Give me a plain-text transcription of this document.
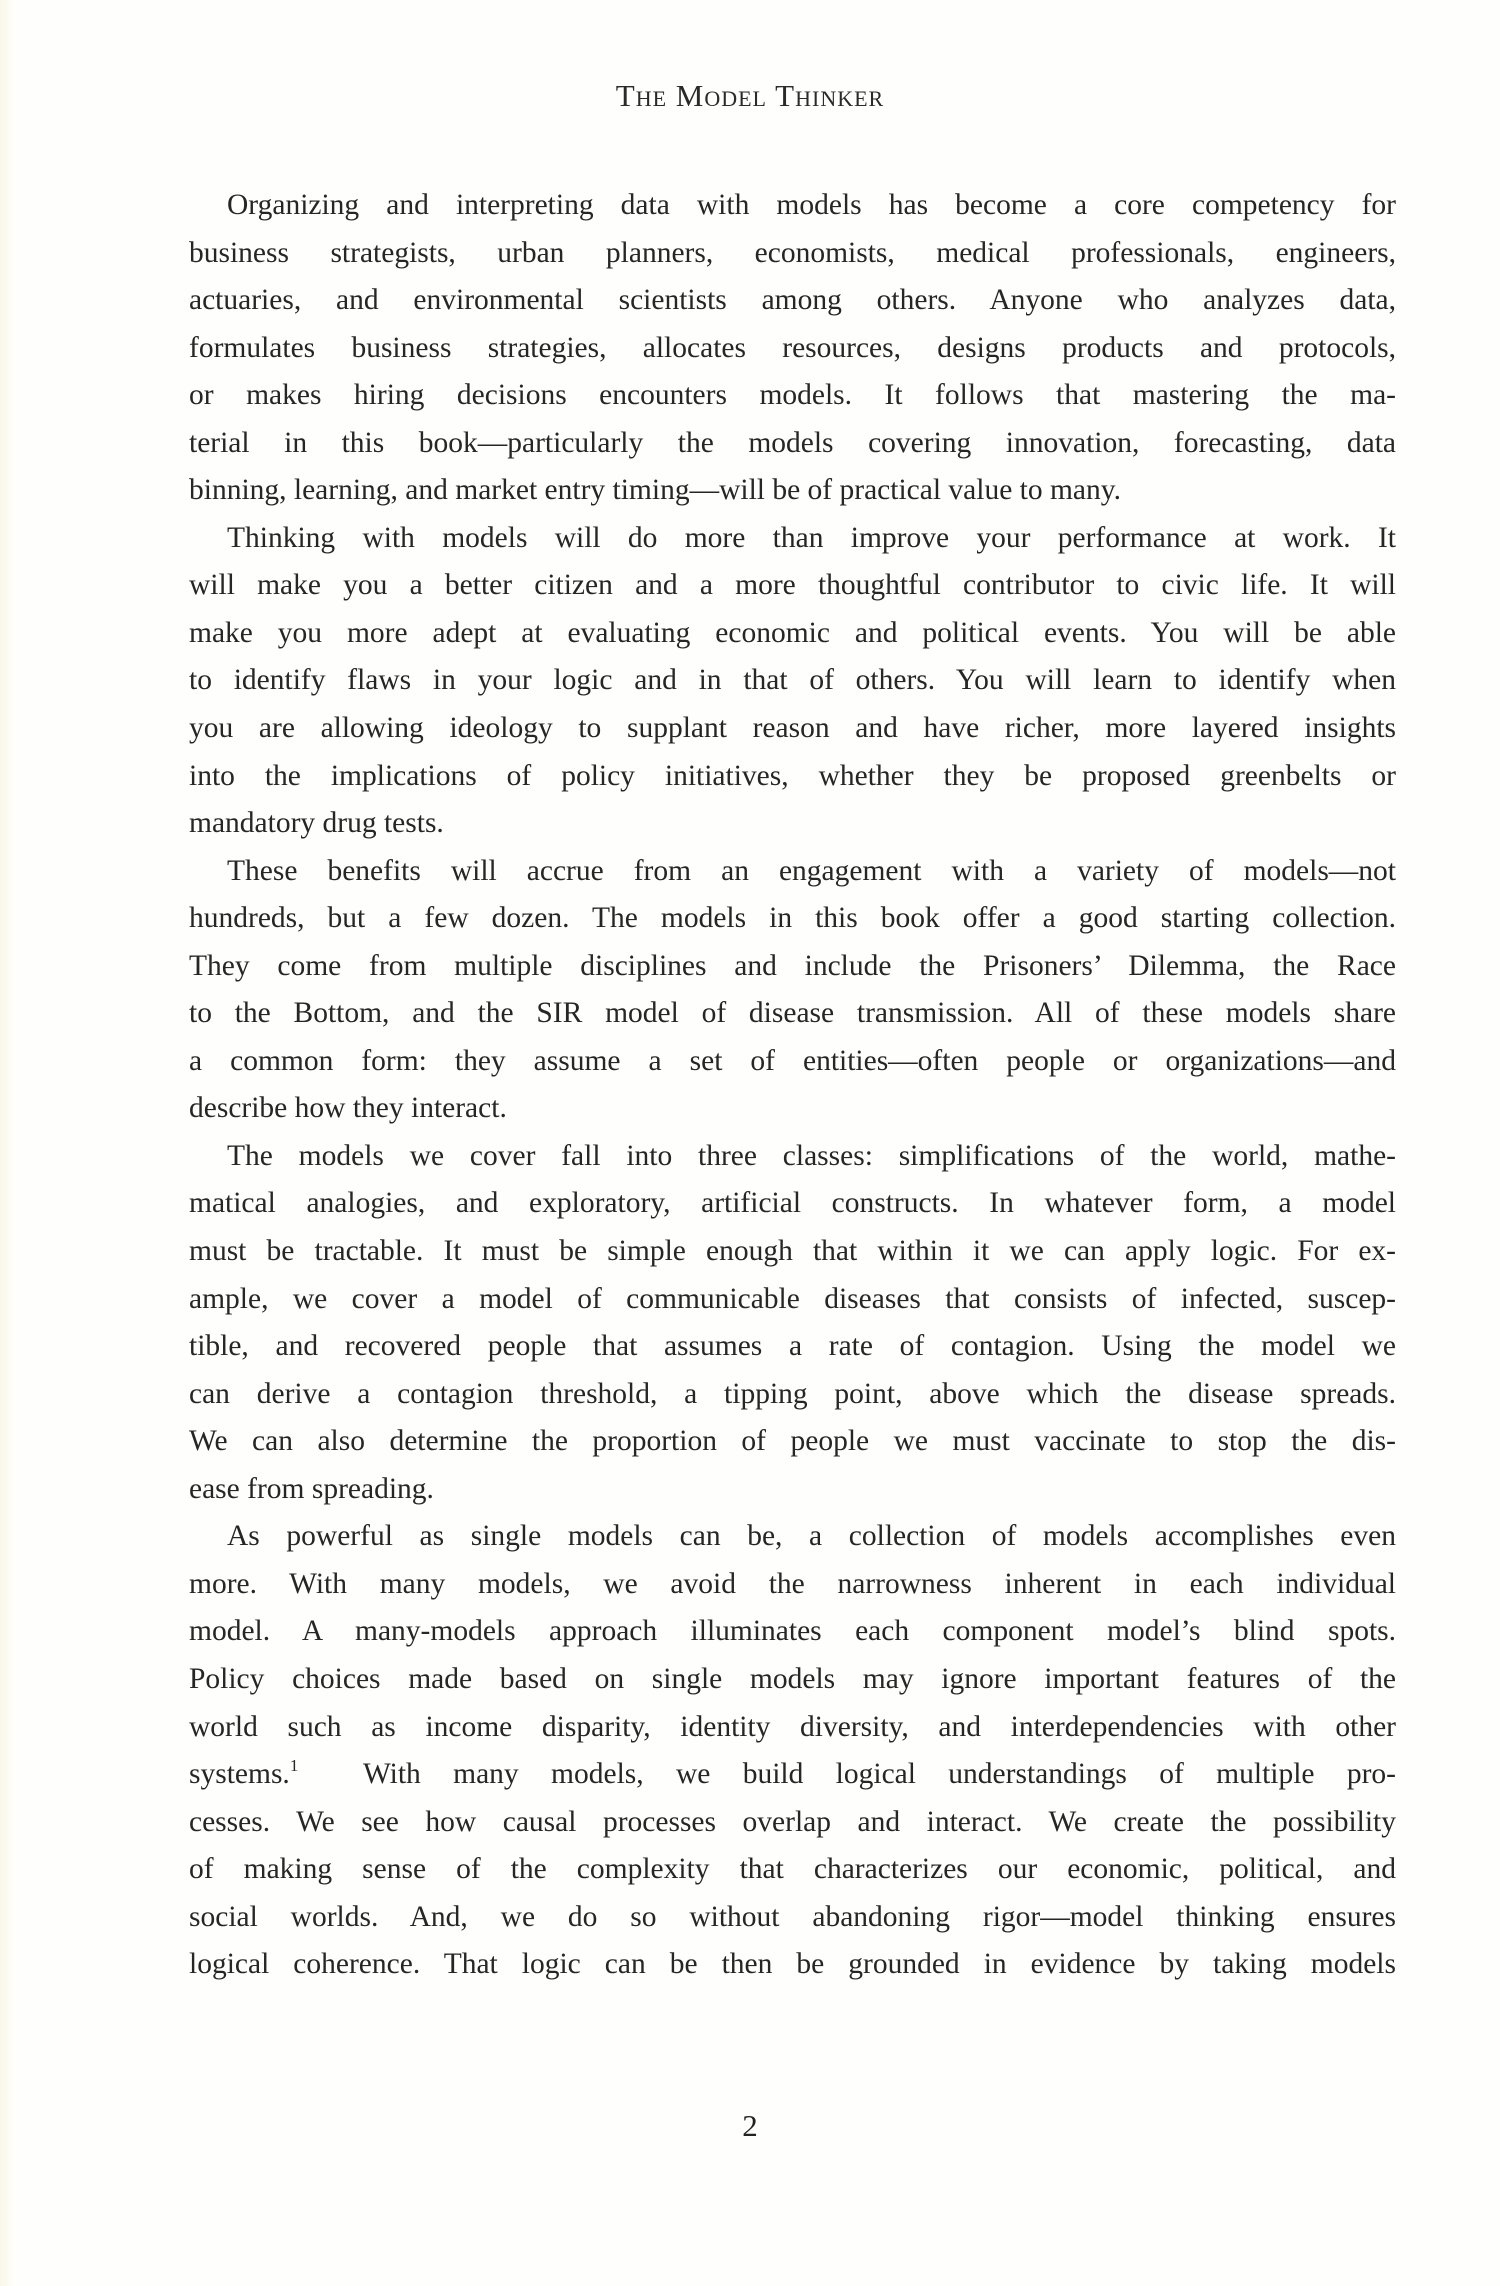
The Model Thinker
Organizing and interpreting data with models has become a core competency for
business strategists, urban planners, economists, medical professionals, engineers,
actuaries, and environmental scientists among others. Anyone who analyzes data,
formulates business strategies, allocates resources, designs products and protocols,
or makes hiring decisions encounters models. It follows that mastering the ma-
terial in this book—particularly the models covering innovation, forecasting, data
binning, learning, and market entry timing—will be of practical value to many.
Thinking with models will do more than improve your performance at work. It
will make you a better citizen and a more thoughtful contributor to civic life. It will
make you more adept at evaluating economic and political events. You will be able
to identify flaws in your logic and in that of others. You will learn to identify when
you are allowing ideology to supplant reason and have richer, more layered insights
into the implications of policy initiatives, whether they be proposed greenbelts or
mandatory drug tests.
These benefits will accrue from an engagement with a variety of models—not
hundreds, but a few dozen. The models in this book offer a good starting collection.
They come from multiple disciplines and include the Prisoners’ Dilemma, the Race
to the Bottom, and the SIR model of disease transmission. All of these models share
a common form: they assume a set of entities—often people or organizations—and
describe how they interact.
The models we cover fall into three classes: simplifications of the world, mathe-
matical analogies, and exploratory, artificial constructs. In whatever form, a model
must be tractable. It must be simple enough that within it we can apply logic. For ex-
ample, we cover a model of communicable diseases that consists of infected, suscep-
tible, and recovered people that assumes a rate of contagion. Using the model we
can derive a contagion threshold, a tipping point, above which the disease spreads.
We can also determine the proportion of people we must vaccinate to stop the dis-
ease from spreading.
As powerful as single models can be, a collection of models accomplishes even
more. With many models, we avoid the narrowness inherent in each individual
model. A many-models approach illuminates each component model’s blind spots.
Policy choices made based on single models may ignore important features of the
world such as income disparity, identity diversity, and interdependencies with other
systems.$^1$ With many models, we build logical understandings of multiple pro-
cesses. We see how causal processes overlap and interact. We create the possibility
of making sense of the complexity that characterizes our economic, political, and
social worlds. And, we do so without abandoning rigor—model thinking ensures
logical coherence. That logic can be then be grounded in evidence by taking models
2
